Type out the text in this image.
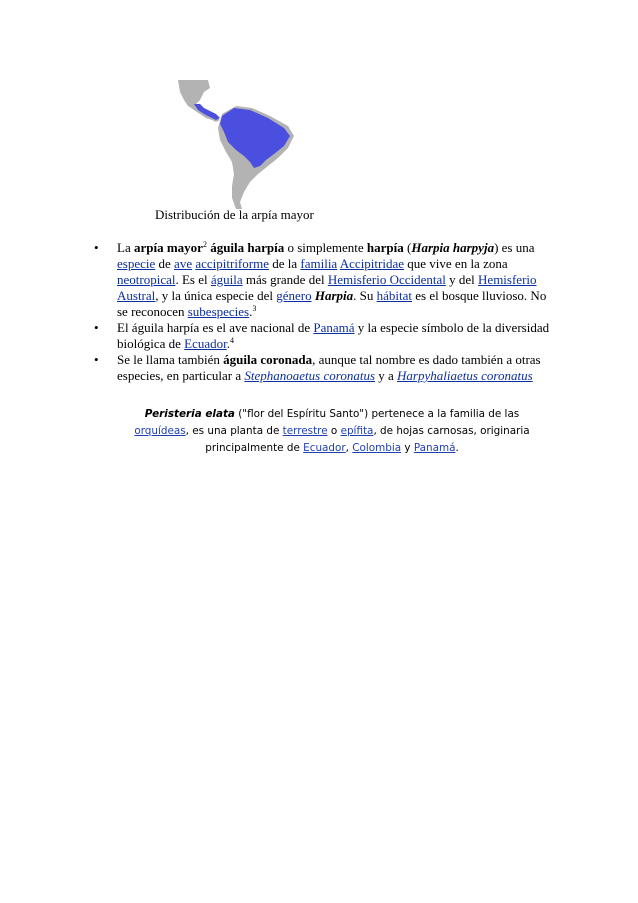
Distribución de la arpía mayor
• La arpía mayor$^2$ águila harpía o simplemente harpía (Harpia harpyja) es una especie de ave accipitriforme de la familia Accipitridae que vive en la zona neotropical. Es el águila más grande del Hemisferio Occidental y del Hemisferio Austral, y la única especie del género Harpia. Su hábitat es el bosque lluvioso. No se reconocen subespecies.$^3$
• El águila harpía es el ave nacional de Panamá y la especie símbolo de la diversidad biológica de Ecuador.$^4$
• Se le llama también águila coronada, aunque tal nombre es dado también a otras especies, en particular a Stephanoaetus coronatus y a Harpyhaliaetus coronatus
Peristeria elata ("flor del Espíritu Santo") pertenece a la familia de las orquídeas, es una planta de terrestre o epífita, de hojas carnosas, originaria principalmente de Ecuador, Colombia y Panamá.
